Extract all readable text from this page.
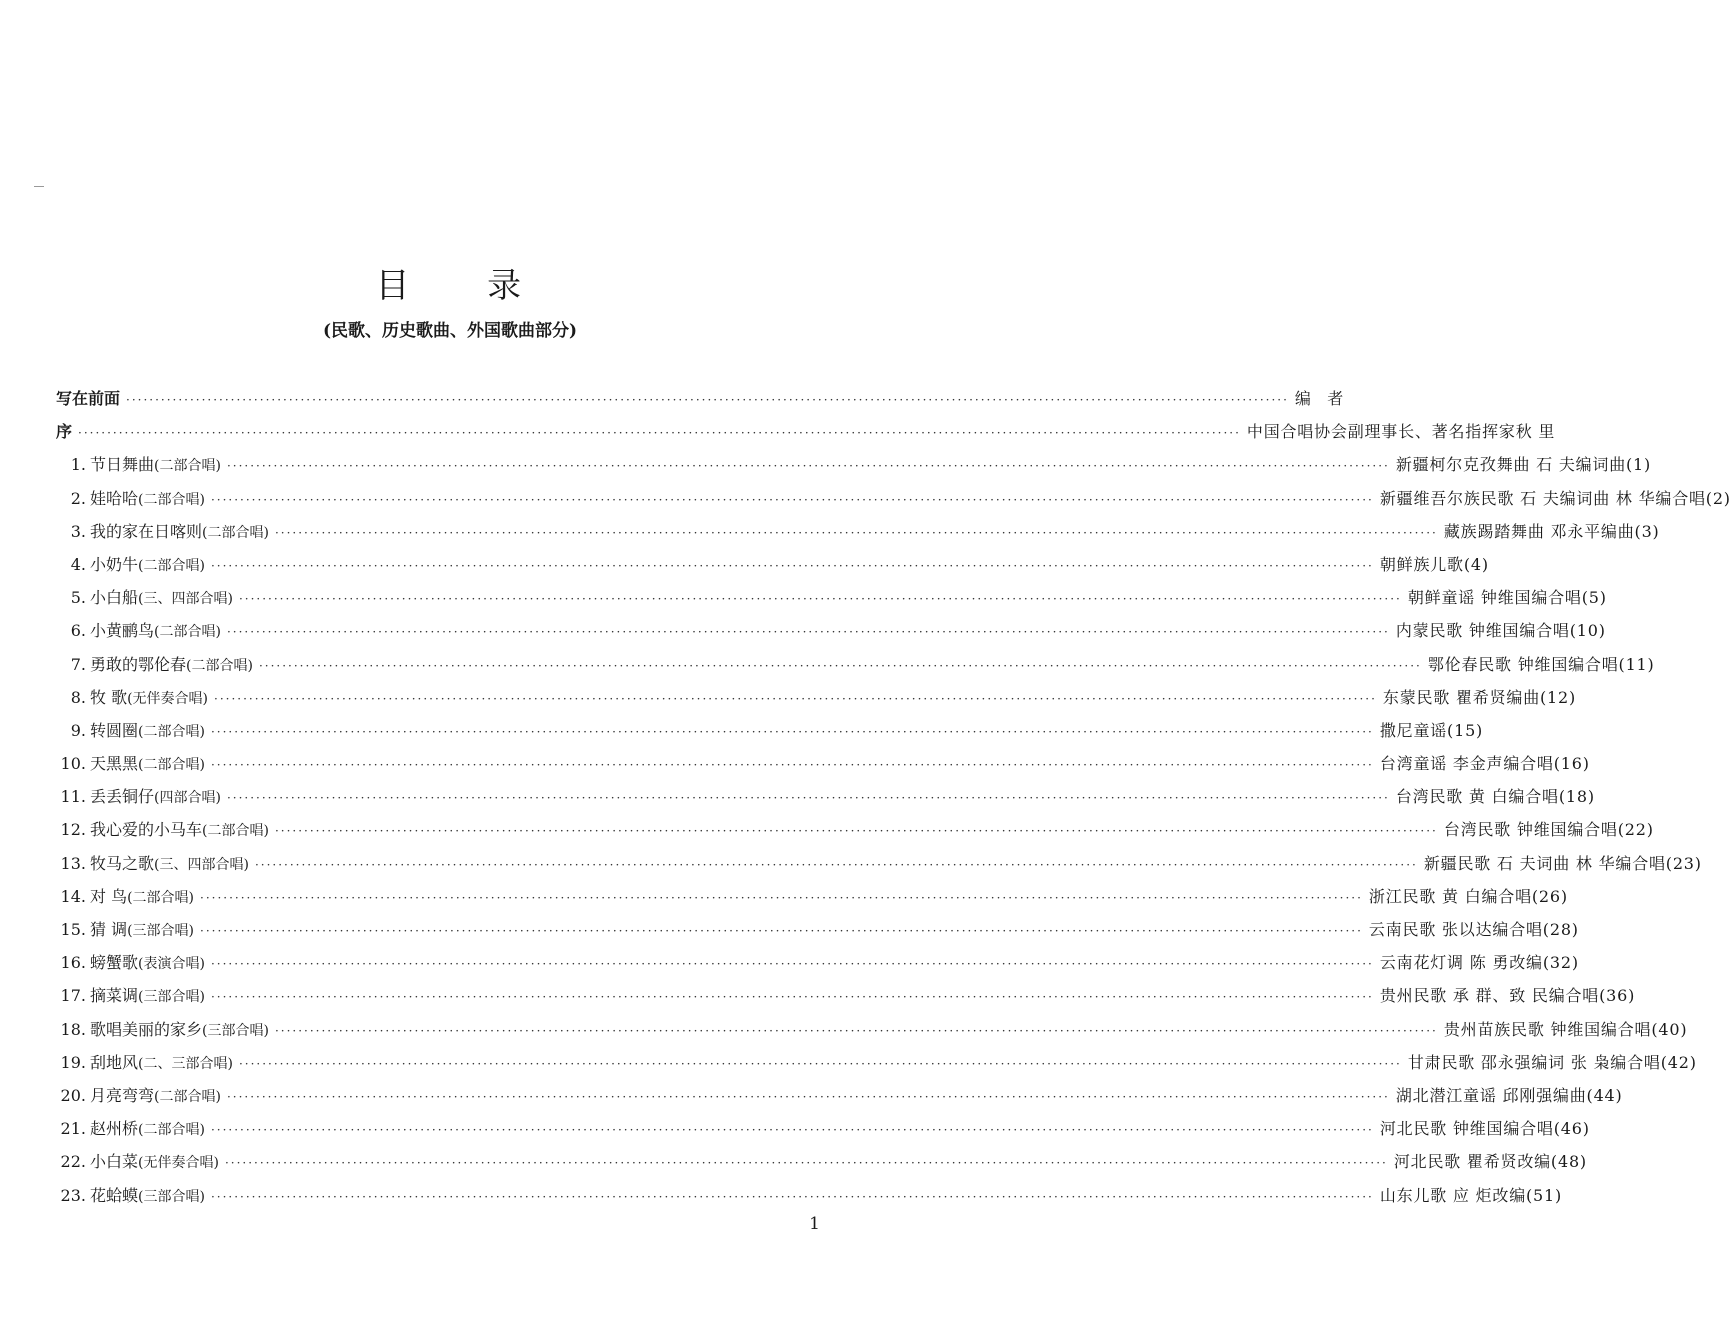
目 录
(民歌、历史歌曲、外国歌曲部分)
写在前面 ········································································································································································································ 编 者
序 ········································································································································································································ 中国合唱协会副理事长、著名指挥家秋 里
1. 节日舞曲(二部合唱) ········································································································································································································ 新疆柯尔克孜舞曲 石 夫编词曲(1)
2. 娃哈哈(二部合唱) ········································································································································································································ 新疆维吾尔族民歌 石 夫编词曲 林 华编合唱(2)
3. 我的家在日喀则(二部合唱) ········································································································································································································ 藏族踢踏舞曲 邓永平编曲(3)
4. 小奶牛(二部合唱) ········································································································································································································ 朝鲜族儿歌(4)
5. 小白船(三、四部合唱) ········································································································································································································ 朝鲜童谣 钟维国编合唱(5)
6. 小黄鹂鸟(二部合唱) ········································································································································································································ 内蒙民歌 钟维国编合唱(10)
7. 勇敢的鄂伦春(二部合唱) ········································································································································································································ 鄂伦春民歌 钟维国编合唱(11)
8. 牧 歌(无伴奏合唱) ········································································································································································································ 东蒙民歌 瞿希贤编曲(12)
9. 转圆圈(二部合唱) ········································································································································································································ 撒尼童谣(15)
10. 天黑黑(二部合唱) ········································································································································································································ 台湾童谣 李金声编合唱(16)
11. 丢丢铜仔(四部合唱) ········································································································································································································ 台湾民歌 黄 白编合唱(18)
12. 我心爱的小马车(二部合唱) ········································································································································································································ 台湾民歌 钟维国编合唱(22)
13. 牧马之歌(三、四部合唱) ········································································································································································································ 新疆民歌 石 夫词曲 林 华编合唱(23)
14. 对 鸟(二部合唱) ········································································································································································································ 浙江民歌 黄 白编合唱(26)
15. 猜 调(三部合唱) ········································································································································································································ 云南民歌 张以达编合唱(28)
16. 螃蟹歌(表演合唱) ········································································································································································································ 云南花灯调 陈 勇改编(32)
17. 摘菜调(三部合唱) ········································································································································································································ 贵州民歌 承 群、致 民编合唱(36)
18. 歌唱美丽的家乡(三部合唱) ········································································································································································································ 贵州苗族民歌 钟维国编合唱(40)
19. 刮地风(二、三部合唱) ········································································································································································································ 甘肃民歌 邵永强编词 张 枭编合唱(42)
20. 月亮弯弯(二部合唱) ········································································································································································································ 湖北潜江童谣 邱刚强编曲(44)
21. 赵州桥(二部合唱) ········································································································································································································ 河北民歌 钟维国编合唱(46)
22. 小白菜(无伴奏合唱) ········································································································································································································ 河北民歌 瞿希贤改编(48)
23. 花蛤蟆(三部合唱) ········································································································································································································ 山东儿歌 应 炬改编(51)
1
